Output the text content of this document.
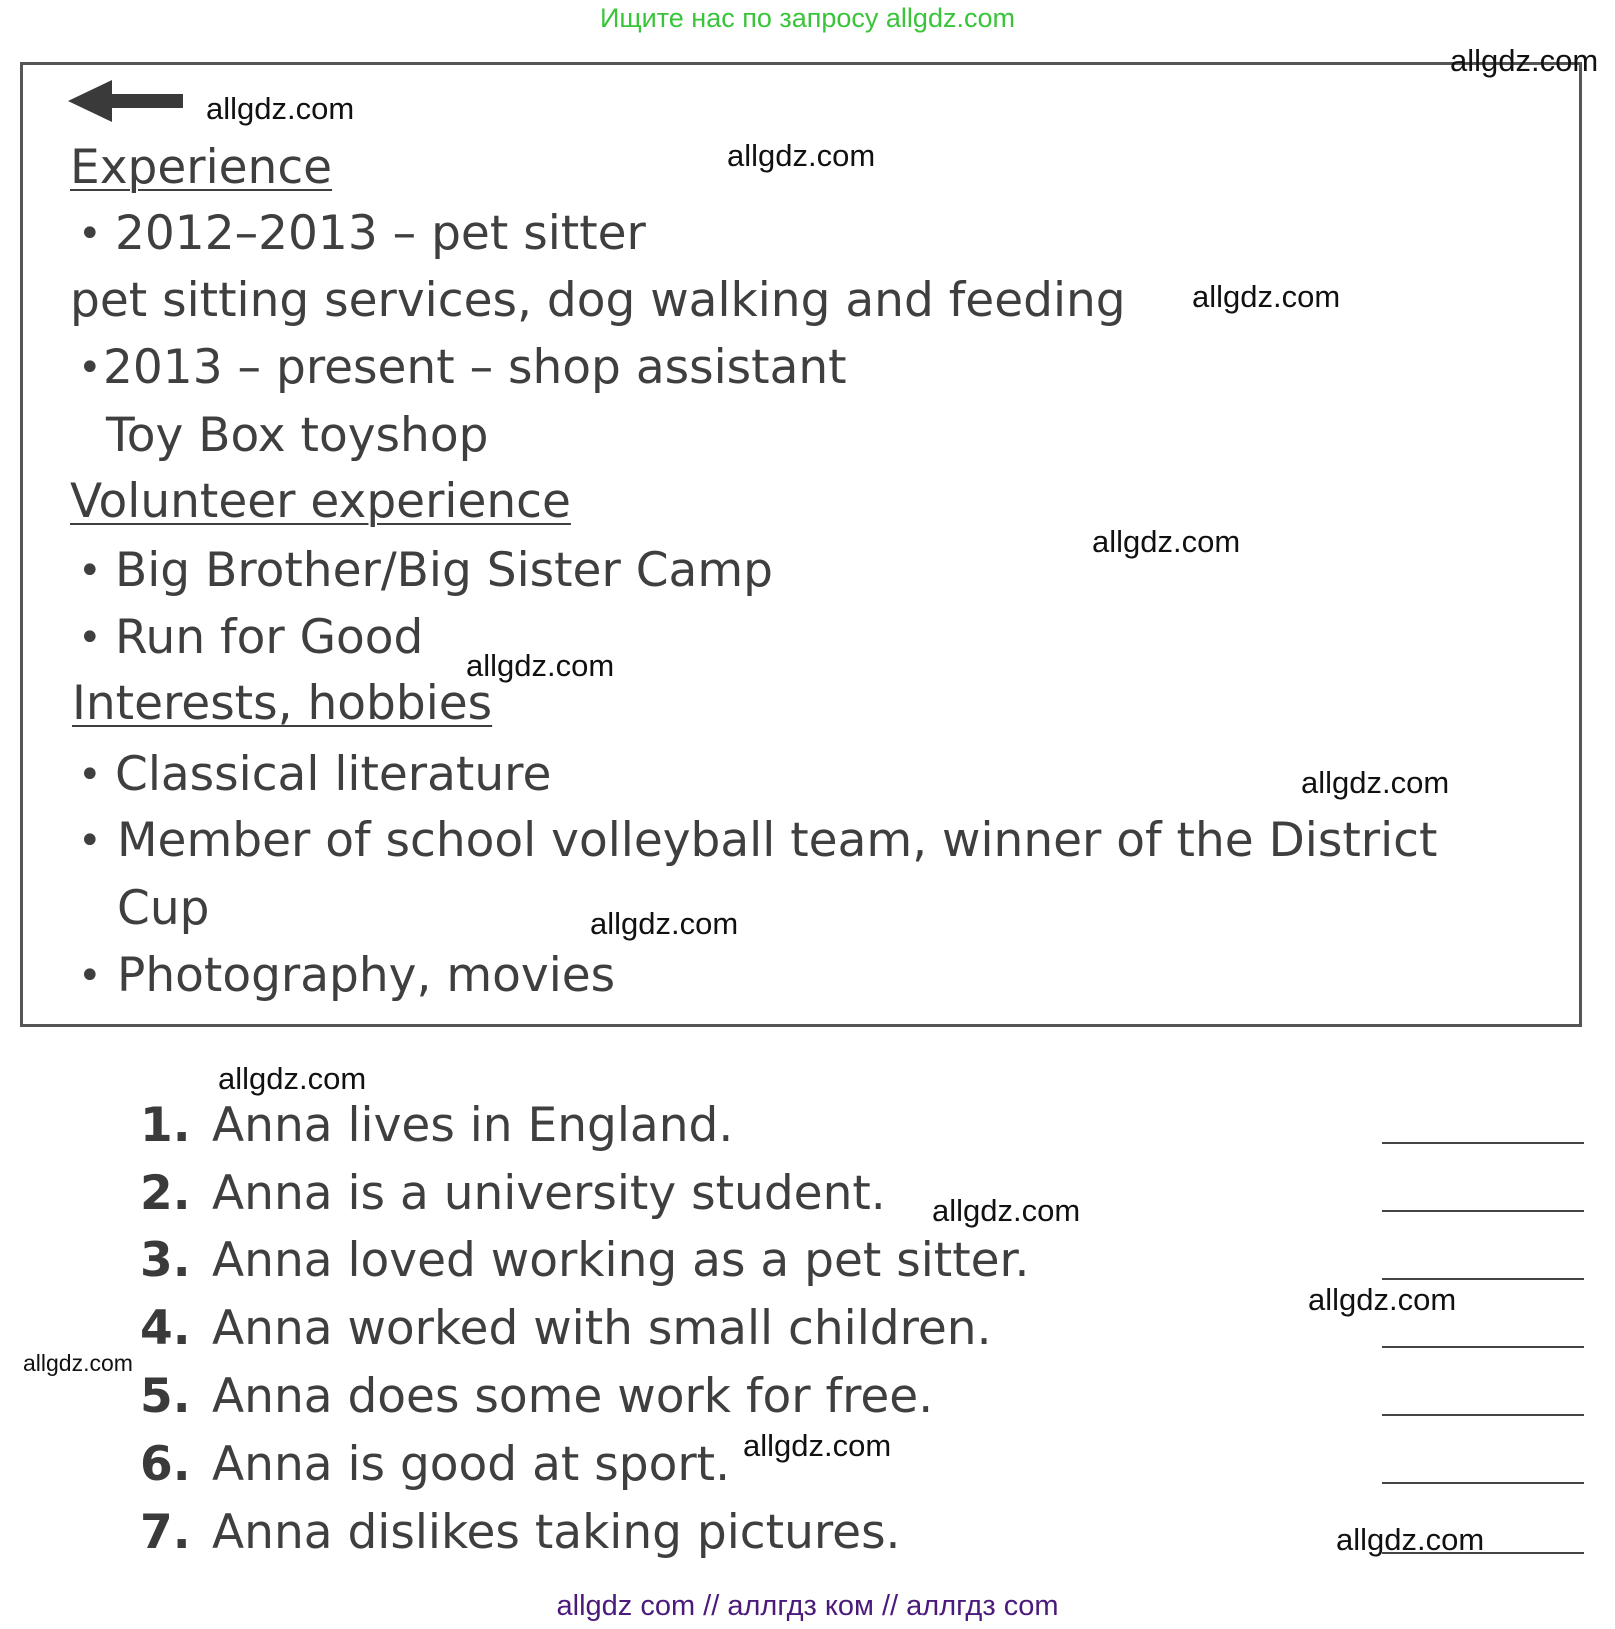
Ищите нас по запросу allgdz.com
Experience
• 2012–2013 – pet sitter
pet sitting services, dog walking and feeding
• 2013 – present – shop assistant
Toy Box toyshop
Volunteer experience
• Big Brother/Big Sister Camp
• Run for Good
Interests, hobbies
• Classical literature
• Member of school volleyball team, winner of the District
Cup
• Photography, movies
1. Anna lives in England.
2. Anna is a university student.
3. Anna loved working as a pet sitter.
4. Anna worked with small children.
5. Anna does some work for free.
6. Anna is good at sport.
7. Anna dislikes taking pictures.
allgdz.com
allgdz.com
allgdz.com
allgdz.com
allgdz.com
allgdz.com
allgdz.com
allgdz.com
allgdz.com
allgdz.com
allgdz.com
allgdz.com
allgdz.com
allgdz.com
allgdz com // аллгдз ком // аллгдз com
